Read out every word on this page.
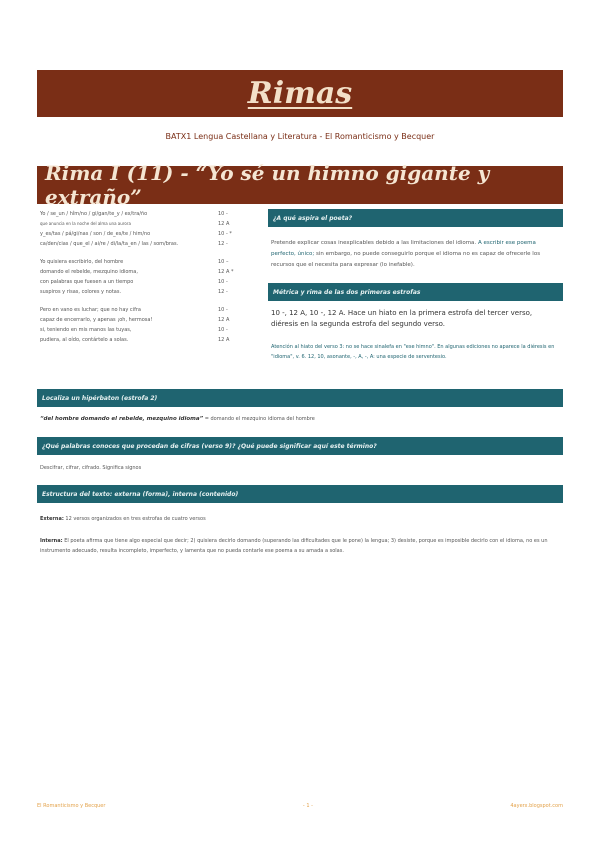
Rimas
BATX1 Lengua Castellana y Literatura - El Romanticismo y Becquer
Rima I (11) - “Yo sé un himno gigante y extraño”
Yo / se_un / hîm/no / gi/gan/te_y / ex/tra/ño	10 -
que anuncia en la noche del alma una aurora	12 A
y_es/tas / pá/gi/nas / son / de_es/te / him/no	10 - *
ca/den/cias / que_el / ai/re / di/la/ta_en / las / som/bras.	12 -
Yo quisiera escribirlo, del hombre	10 –
domando el rebelde, mezquino idioma,	12 A *
con palabras que fuesen a un tiempo	10 -
suspiros y risas, colores y notas.	12 -
Pero en vano es luchar; que no hay cifra	10 -
capaz de encerrarlo, y apenas ¡oh, hermosa!	12 A
si, teniendo en mis manos las tuyas,	10 -
pudiera, al oído, contártelo a solas.	12 A
¿A qué aspira el poeta?
Pretende explicar cosas inexplicables debido a las limitaciones del idioma. A escribir ese poema perfecto, único; sin embargo, no puede conseguirlo porque el idioma no es capaz de ofrecerle los recursos que el necesita para expresar (lo inefable).
Métrica y rima de las dos primeras estrofas
10 -, 12 A, 10 -, 12 A. Hace un hiato en la primera estrofa del tercer verso, diéresis en la segunda estrofa del segundo verso.
Atención al hiato del verso 3: no se hace sinalefa en "ese himno". En algunas ediciones no aparece la diéresis en "idioma", v. 6. 12, 10, asonante, -, A, -, A: una especie de serventesio.
Localiza un hipérbaton (estrofa 2)
“del hombre domando el rebelde, mezquino idioma” = domando el mezquino idioma del hombre
¿Qué palabras conoces que procedan de cifras (verso 9)? ¿Qué puede significar aquí este término?
Descifrar, cifrar, cifrado. Significa signos
Estructura del texto: externa (forma), interna (contenido)
Externa: 12 versos organizados en tres estrofas de cuatro versos
Interna: El poeta afirma que tiene algo especial que decir; 2) quisiera decirlo domando (superando las dificultades que le pone) la lengua; 3) desiste, porque es imposible decirlo con el idioma, no es un instrumento adecuado, resulta incompleto, imperfecto, y lamenta que no pueda contarle ese poema a su amada a solas.
El Romanticismo y Becquer	- 1 -	4ayerx.blogspot.com
